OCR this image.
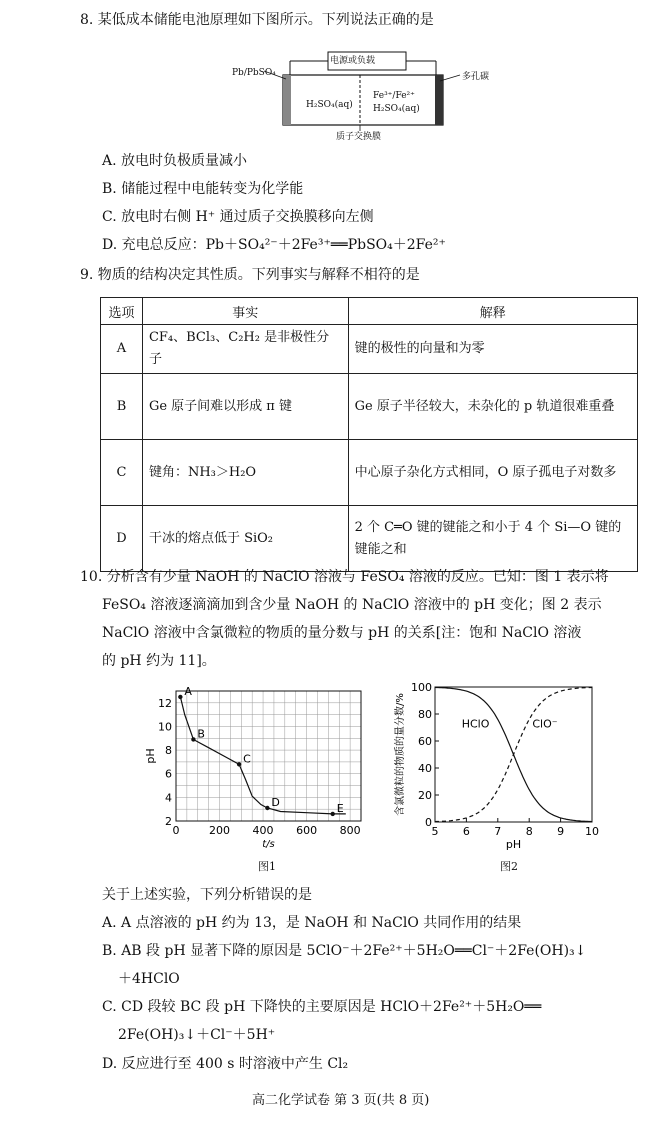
8. 某低成本储能电池原理如下图所示。下列说法正确的是
电源或负载
Pb/PbSO₄	多孔碳
H₂SO₄(aq)
Fe³⁺/Fe²⁺
H₂SO₄(aq)
质子交换膜
A. 放电时负极质量减小
B. 储能过程中电能转变为化学能
C. 放电时右侧 H⁺ 通过质子交换膜移向左侧
D. 充电总反应：Pb＋SO₄²⁻＋2Fe³⁺══PbSO₄＋2Fe²⁺
9. 物质的结构决定其性质。下列事实与解释不相符的是
选项	事实	解释
A	CF₄、BCl₃、C₂H₂ 是非极性分子	键的极性的向量和为零
B	Ge 原子间难以形成 π 键	Ge 原子半径较大，未杂化的 p 轨道很难重叠
C	键角：NH₃＞H₂O	中心原子杂化方式相同，O 原子孤电子对数多
D	干冰的熔点低于 SiO₂	2 个 C═O 键的键能之和小于 4 个 Si—O 键的键能之和
10. 分析含有少量 NaOH 的 NaClO 溶液与 FeSO₄ 溶液的反应。已知：图 1 表示将
FeSO₄ 溶液逐滴滴加到含少量 NaOH 的 NaClO 溶液中的 pH 变化；图 2 表示
NaClO 溶液中含氯微粒的物质的量分数与 pH 的关系[注：饱和 NaClO 溶液
的 pH 约为 11]。
0	200 400 600 800
2
4
6
8
10
12
t/s
pH
A
B
C
D	E
5 6 7 8 9 10
0
20
40
60
80
100
pH
含氯微粒的物质的量分数/%	HClO	ClO⁻
图1	图2
关于上述实验，下列分析错误的是
A. A 点溶液的 pH 约为 13，是 NaOH 和 NaClO 共同作用的结果
B. AB 段 pH 显著下降的原因是 5ClO⁻＋2Fe²⁺＋5H₂O══Cl⁻＋2Fe(OH)₃↓
＋4HClO
C. CD 段较 BC 段 pH 下降快的主要原因是 HClO＋2Fe²⁺＋5H₂O══
2Fe(OH)₃↓＋Cl⁻＋5H⁺
D. 反应进行至 400 s 时溶液中产生 Cl₂
高二化学试卷 第 3 页(共 8 页)
